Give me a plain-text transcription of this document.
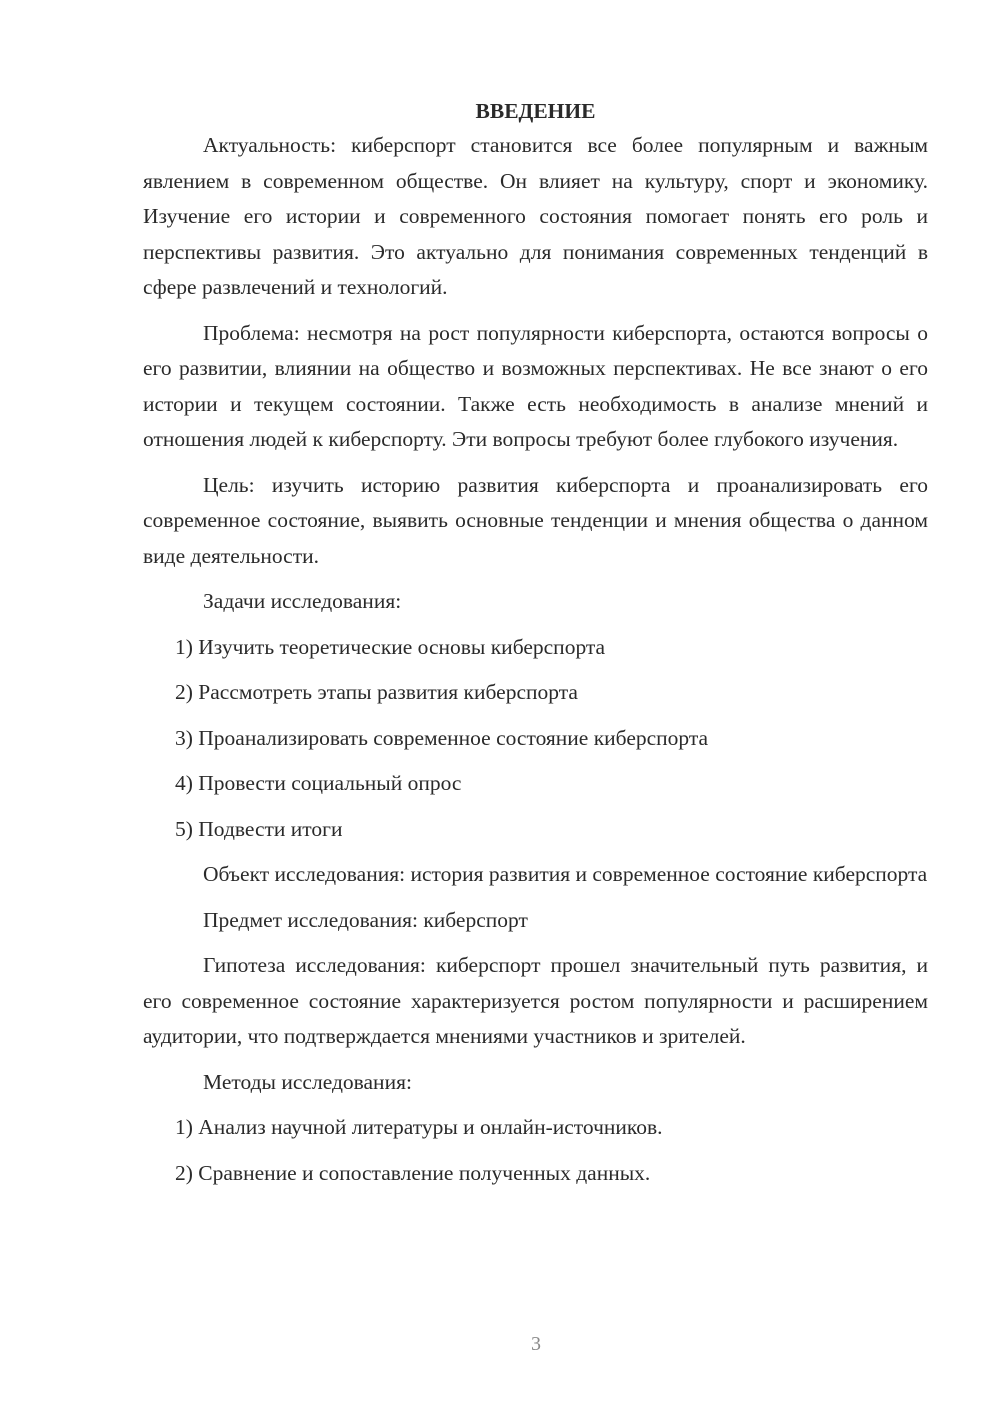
ВВЕДЕНИЕ

Актуальность: киберспорт становится все более популярным и важным явлением в современном обществе. Он влияет на культуру, спорт и экономику. Изучение его истории и современного состояния помогает понять его роль и перспективы развития. Это актуально для понимания современных тенденций в сфере развлечений и технологий.

Проблема: несмотря на рост популярности киберспорта, остаются вопросы о его развитии, влиянии на общество и возможных перспективах. Не все знают о его истории и текущем состоянии. Также есть необходимость в анализе мнений и отношения людей к киберспорту. Эти вопросы требуют более глубокого изучения.

Цель: изучить историю развития киберспорта и проанализировать его современное состояние, выявить основные тенденции и мнения общества о данном виде деятельности.

Задачи исследования:

1) Изучить теоретические основы киберспорта

2) Рассмотреть этапы развития киберспорта

3) Проанализировать современное состояние киберспорта

4) Провести социальный опрос

5) Подвести итоги

Объект исследования: история развития и современное состояние киберспорта

Предмет исследования: киберспорт

Гипотеза исследования: киберспорт прошел значительный путь развития, и его современное состояние характеризуется ростом популярности и расширением аудитории, что подтверждается мнениями участников и зрителей.

Методы исследования:

1) Анализ научной литературы и онлайн-источников.

2) Сравнение и сопоставление полученных данных.

3
